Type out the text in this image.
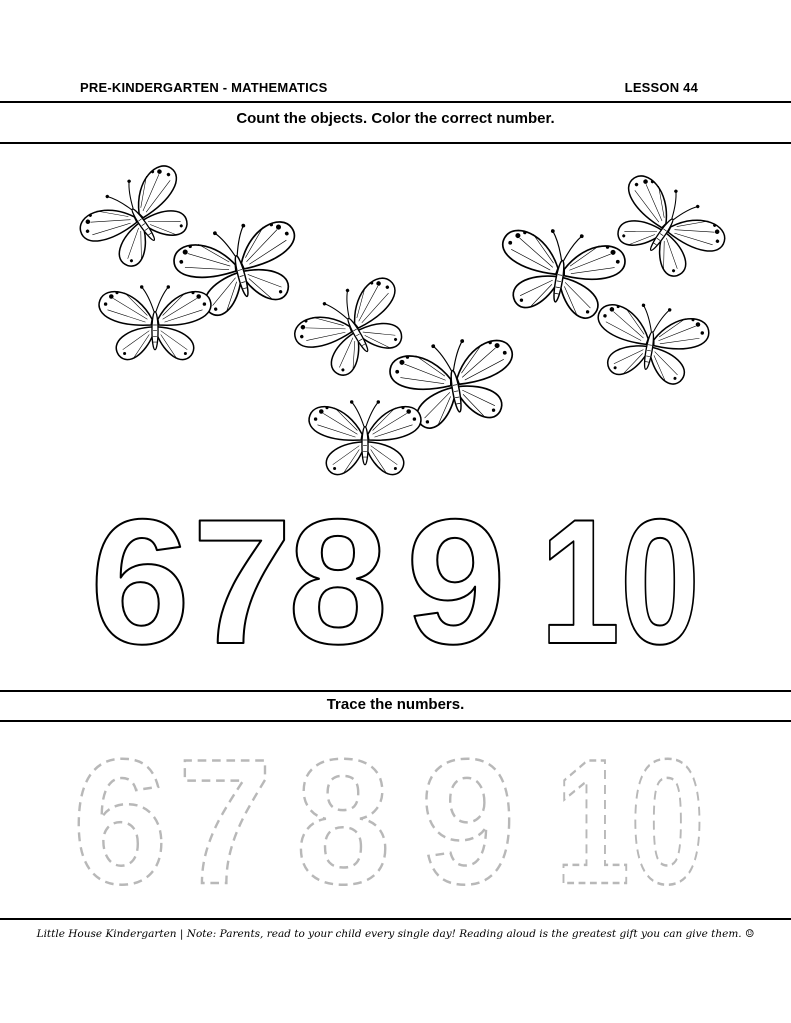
PRE-KINDERGARTEN - MATHEMATICS	LESSON 44
Count the objects. Color the correct number.
6 7
8 9 10
Trace the numbers.
6 7 8 9 10
Little House Kindergarten | Note: Parents, read to your child every single day! Reading aloud is the greatest gift you can give them. ☺
